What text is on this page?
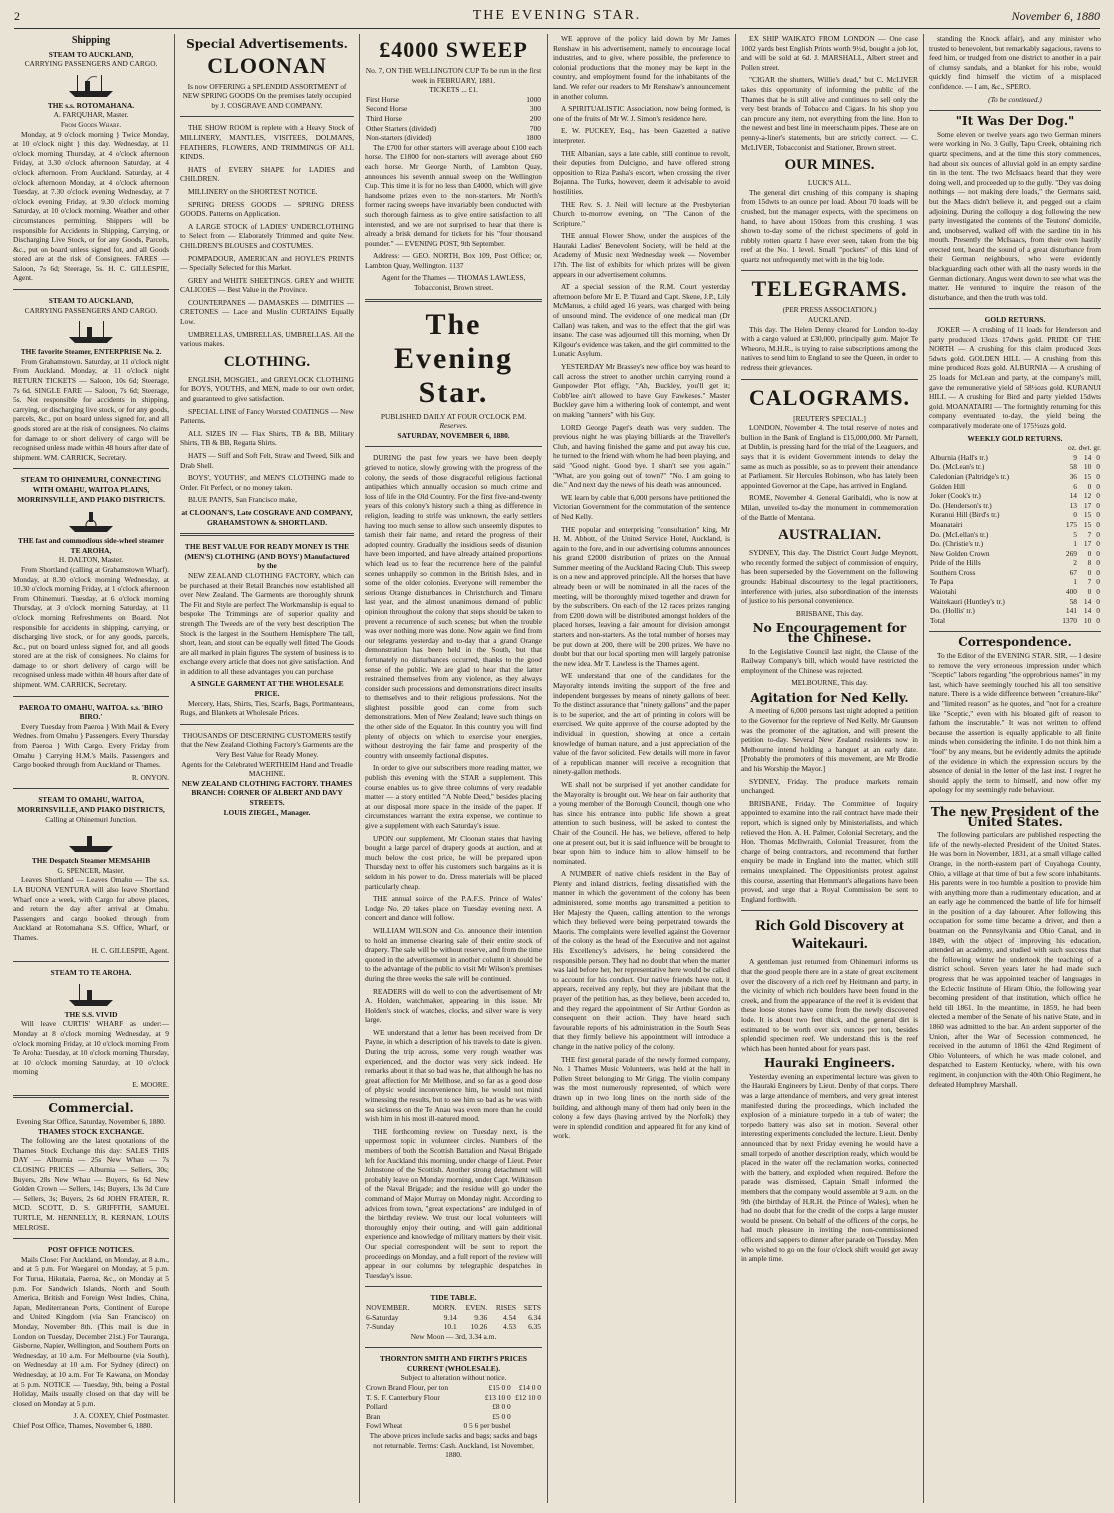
2	THE EVENING STAR.	November 6, 1880
Shipping
STEAM TO AUCKLAND,
CARRYING PASSENGERS AND CARGO.
THE s.s. ROTOMAHANA.
A. FARQUHAR, Master.
From Goods Wharf.

Monday, at 9 o'clock morning } Twice Monday, at 10 o'clock night } this day. Wednesday, at 11 o'clock morning Thursday, at 4 o'clock afternoon Friday, at 3.30 o'clock afternoon Saturday, at 4 o'clock afternoon. From Auckland. Saturday, at 4 o'clock afternoon Monday, at 4 o'clock afternoon Tuesday, at 7.30 o'clock evening Wednesday, at 7 o'clock evening Friday, at 9.30 o'clock morning Saturday, at 10 o'clock morning. Weather and other circumstances permitting. Shippers will be responsible for Accidents in Shipping, Carrying, or Discharging Live Stock, or for any Goods, Parcels, &c., put on board unless signed for, and all Goods stored are at the risk of Consignees. FARES — Saloon, 7s 6d; Steerage, 5s. H. C. GILLESPIE, Agent.

STEAM TO AUCKLAND,
CARRYING PASSENGERS AND CARGO.
THE favorite Steamer, ENTERPRISE No. 2.

From Grahamstown. Saturday, at 11 o'clock night From Auckland. Monday, at 11 o'clock night RETURN TICKETS — Saloon, 10s 6d; Steerage, 7s 6d. SINGLE FARE — Saloon, 7s 6d; Steerage, 5s. Not responsible for accidents in shipping, carrying, or discharging live stock, or for any goods, parcels, &c., put on board unless signed for, and all goods stored are at the risk of consignees. No claims for damage to or short delivery of cargo will be recognised unless made within 48 hours after date of shipment. WM. CARRICK, Secretary.

STEAM TO OHINEMURI, CONNECTING WITH OMAHU, WAITOA PLAINS, MORRINSVILLE, AND PIAKO DISTRICTS.
THE fast and commodious side-wheel steamer TE AROHA,
H. DALTON, Master.

From Shortland (calling at Grahamstown Wharf). Monday, at 8.30 o'clock morning Wednesday, at 10.30 o'clock morning Friday, at 1 o'clock afternoon From Ohinemuri. Tuesday, at 6 o'clock morning Thursday, at 3 o'clock morning Saturday, at 11 o'clock morning Refreshments on Board. Not responsible for accidents in shipping, carrying, or discharging live stock, or for any goods, parcels, &c., put on board unless signed for, and all goods stored are at the risk of consignees. No claims for damage to or short delivery of cargo will be recognised unless made within 48 hours after date of shipment. WM. CARRICK, Secretary.

PAEROA TO OMAHU, WAITOA. s.s. 'BIRO BIRO.'

Every Tuesday from Paeroa } With Mail & Every Wednes. from Omahu } Passengers. Every Thursday from Paeroa } With Cargo. Every Friday from Omahu } Carrying H.M.'s Mails. Passengers and Cargo booked through from Auckland or Thames.

R. ONYON.
STEAM TO OMAHU, WAITOA, MORRINSVILLE, AND PIAKO DISTRICTS,
Calling at Ohinemuri Junction.
THE Despatch Steamer MEMSAHIB
G. SPENCER, Master.

Leaves Shortland — Leaves Omahu — The s.s. LA BUONA VENTURA will also leave Shortland Wharf once a week, with Cargo for above places, and return the day after arrival at Omahu. Passengers and cargo booked through from Auckland at Rotomahana S.S. Office, Wharf, or Thames.

H. C. GILLESPIE, Agent.
STEAM TO TE AROHA.
THE S.S. VIVID

Will leave CURTIS' WHARF as under:— Monday at 8 o'clock morning Wednesday, at 9 o'clock morning Friday, at 10 o'clock morning From Te Aroha: Tuesday, at 10 o'clock morning Thursday, at 10 o'clock morning Saturday, at 10 o'clock morning

E. MOORE.
Commercial.
Evening Star Office, Saturday, November 6, 1880.
THAMES STOCK EXCHANGE.

The following are the latest quotations of the Thames Stock Exchange this day: SALES THIS DAY — Alburnia — 25s New Whau — 7s CLOSING PRICES — Alburnia — Sellers, 30s; Buyers, 28s New Whau — Buyers, 6s 6d New Golden Crown — Sellers, 14s; Buyers, 13s 3d Cure — Sellers, 3s; Buyers, 2s 6d JOHN FRATER, R. MCD. SCOTT, D. S. GRIFFITH, SAMUEL TURTLE, M. HENNELLY, R. KERNAN, LOUIS MELROSE.

POST OFFICE NOTICES.

Mails Close: For Auckland, on Monday, at 8 a.m., and at 5 p.m. For Waegarei on Monday, at 5 p.m. For Turua, Hikutaia, Paeroa, &c., on Monday at 5 p.m. For Sandwich Islands, North and South America, British and Foreign West Indies, China, Japan, Mediterranean Ports, Continent of Europe and United Kingdom (via San Francisco) on Monday, November 8th. (This mail is due in London on Tuesday, December 21st.) For Tauranga, Gisborne, Napier, Wellington, and Southern Ports on Wednesday, at 10 a.m. For Melbourne (via South), on Wednesday at 10 a.m. For Sydney (direct) on Wednesday, at 10 a.m. For Te Kawana, on Monday at 5 p.m. NOTICE — Tuesday, 9th, being a Postal Holiday, Mails usually closed on that day will be closed on Monday at 5 p.m.

J. A. COXEY, Chief Postmaster.
Chief Post Office, Thames, November 6, 1880.
Special Advertisements.
CLOONAN
Is now OFFERING a SPLENDID ASSORTMENT of NEW SPRING GOODS On the premises lately occupied by J. COSGRAVE AND COMPANY.

THE SHOW ROOM is replete with a Heavy Stock of MILLINERY, MANTLES, VISITEES, DOLMANS, FEATHERS, FLOWERS, AND TRIMMINGS OF ALL KINDS.

HATS of EVERY SHAPE for LADIES and CHILDREN.

MILLINERY on the SHORTEST NOTICE.

SPRING DRESS GOODS — SPRING DRESS GOODS. Patterns on Application.

A LARGE STOCK of LADIES' UNDERCLOTHING to Select from — Elaborately Trimmed and quite New. CHILDREN'S BLOUSES and COSTUMES.

POMPADOUR, AMERICAN and HOYLE'S PRINTS — Specially Selected for this Market.

GREY and WHITE SHEETINGS. GREY and WHITE CALICOES — Best Value in the Province.

COUNTERPANES — DAMASKES — DIMITIES — CRETONES — Lace and Muslin CURTAINS Equally Low.

UMBRELLAS, UMBRELLAS, UMBRELLAS. All the various makes.

CLOTHING.

ENGLISH, MOSGIEL, and GREYLOCK CLOTHING for BOYS, YOUTHS, and MEN, made to our own order, and guaranteed to give satisfaction.

SPECIAL LINE of Fancy Worsted COATINGS — New Patterns.

ALL SIZES IN — Flax Shirts, TB & BB, Military Shirts, TB & BB, Regatta Shirts.

HATS — Stiff and Soft Felt, Straw and Tweed, Silk and Drab Shell.

BOYS', YOUTHS', and MEN'S CLOTHING made to Order. Fit Perfect, or no money taken.

BLUE PANTS, San Francisco make,

at CLOONAN'S, Late COSGRAVE AND COMPANY, GRAHAMSTOWN & SHORTLAND.
THE BEST VALUE FOR READY MONEY IS THE (MEN'S) CLOTHING (AND BOYS') Manufactured by the

NEW ZEALAND CLOTHING FACTORY, which can be purchased at their Retail Branches now established all over New Zealand. The Garments are thoroughly shrunk The Fit and Style are perfect The Workmanship is equal to bespoke The Trimmings are of superior quality and strength The Tweeds are of the very best description The Stock is the largest in the Southern Hemisphere The tall, short, lean, and stout can be equally well fitted The Goods are all marked in plain figures The system of business is to exchange every article that does not give satisfaction. And in addition to all these advantages you can purchase

A SINGLE GARMENT AT THE WHOLESALE PRICE.

Mercery, Hats, Shirts, Ties, Scarfs, Bags, Portmanteaus, Rugs, and Blankets at Wholesale Prices.

THOUSANDS OF DISCERNING CUSTOMERS testify that the New Zealand Clothing Factory's Garments are the Very Best Value for Ready Money.
Agents for the Celebrated WERTHEIM Hand and Treadle MACHINE.
NEW ZEALAND CLOTHING FACTORY. THAMES BRANCH: CORNER OF ALBERT AND DAVY STREETS.
LOUIS ZIEGEL, Manager.
£4000 SWEEP
No. 7, ON THE WELLINGTON CUP To be run in the first week in FEBRUARY, 1881.
TICKETS ... £1.
First Horse	1000
Second Horse	300
Third Horse	200
Other Starters (divided)	700
Non-starters (divided)	1800

The £700 for other starters will average about £100 each horse. The £1800 for non-starters will average about £60 each horse. Mr George North, of Lambton Quay, announces his seventh annual sweep on the Wellington Cup. This time it is for no less than £4000, which will give handsome prizes even to the non-starters. Mr North's former racing sweeps have invariably been conducted with such thorough fairness as to give entire satisfaction to all interested, and we are not surprised to hear that there is already a brisk demand for tickets for his "four thousand pounder." — EVENING POST, 9th September.

Address: — GEO. NORTH, Box 109, Post Office; or, Lambton Quay, Wellington. 1137

Agent for the Thames — THOMAS LAWLESS, Tobacconist, Brown street.
The Evening Star.
PUBLISHED DAILY AT FOUR O'CLOCK P.M.
Reserves.
SATURDAY, NOVEMBER 6, 1880.

DURING the past few years we have been deeply grieved to notice, slowly growing with the progress of the colony, the seeds of those disgraceful religious factional antipathies which annually occasion so much crime and loss of life in the Old Country. For the first five-and-twenty years of this colony's history such a thing as difference in religion, leading to strife was unknown, the early settlers having too much sense to allow such unseemly disputes to tarnish their fair name, and retard the progress of their adopted country. Gradually the insidious seeds of disunion have been imported, and have already attained proportions which lead us to fear the recurrence here of the painful scenes unhappily so common in the British Isles, and in some of the older colonies. Everyone will remember the serious Orange disturbances in Christchurch and Timaru last year, and the almost unanimous demand of public opinion throughout the colony that steps should be taken to prevent a recurrence of such scenes; but when the trouble was over nothing more was done. Now again we find from our telegrams yesterday and to-day that a grand Orange demonstration has been held in the South, but that fortunately no disturbances occurred, thanks to the good sense of the public. We are glad to hear that the latter restrained themselves from any violence, as they always consider such processions and demonstrations direct insults to themselves and to their religious professions. Not the slightest possible good can come from such demonstrations. Men of New Zealand; leave such things on the other side of the Equator. In this country you will find plenty of objects on which to exercise your energies, without destroying the fair fame and prosperity of the country with unseemly factional disputes.

In order to give our subscribers more reading matter, we publish this evening with the STAR a supplement. This course enables us to give three columns of very readable matter — a story entitled "A Noble Deed," besides placing at our disposal more space in the inside of the paper. If circumstances warrant the extra expense, we continue to give a supplement with each Saturday's issue.

UPON our supplement, Mr Cloonan states that having bought a large parcel of drapery goods at auction, and at much below the cost price, he will be prepared upon Thursday next to offer his customers such bargains as it is seldom in his power to do. Dress materials will be placed particularly cheap.

THE annual soirce of the P.A.F.S. Prince of Wales' Lodge No. 20 takes place on Tuesday evening next. A concert and dance will follow.

WILLIAM WILSON and Co. announce their intention to hold an immense clearing sale of their entire stock of drapery. The sale will be without reserve, and from the time quoted in the advertisement in another column it should be to the advantage of the public to visit Mr Wilson's premises during the three weeks the sale will be continued.

READERS will do well to con the advertisement of Mr A. Holden, watchmaker, appearing in this issue. Mr Holden's stock of watches, clocks, and silver ware is very large.

WE understand that a letter has been received from Dr Payne, in which a description of his travels to date is given. During the trip across, some very rough weather was experienced, and the doctor was very sick indeed. He remarks about it that so bad was he, that although he has no great affection for Mr Mellhose, and so far as a good dose of physic would inconvenience him, he would not mind witnessing the results, but to see him so bad as he was with sea sickness on the Te Anau was even more than he could wish him in his most ill-natured mood.

THE forthcoming review on Tuesday next, is the uppermost topic in volunteer circles. Numbers of the members of both the Scottish Battalion and Naval Brigade left for Auckland this morning, under charge of Lieut. Peter Johnstone of the Scottish. Another strong detachment will probably leave on Monday morning, under Capt. Wilkinson of the Naval Brigade; and the residue will go under the command of Major Murray on Monday night. According to advices from town, "great expectations" are indulged in of the birthday review. We trust our local volunteers will thoroughly enjoy their outing, and will gain additional experience and knowledge of military matters by their visit. Our special correspondent will be sent to report the proceedings on Monday, and a full report of the review will appear in our columns by telegraphic despatches in Tuesday's issue.

TIDE TABLE.
NOVEMBER.	MORN.	EVEN.	RISES	SETS
6-Saturday	9.14	9.36	4.54	6.34
7-Sunday	10.1	10.26	4.53	6.35
New Moon — 3rd, 3.34 a.m.
THORNTON SMITH AND FIRTH'S PRICES CURRENT (WHOLESALE).
Subject to alteration without notice.
Crown Brand Flour, per ton		£15 0 0	£14 0 0
T. S. F. Canterbury Flour		£13 10 0	£12 10 0
Pollard		£8 0 0	
Bran		£5 0 0	
Fowl Wheat		0 5 6 per bushel	
The above prices include sacks and bags; sacks and bags not returnable. Terms: Cash. Auckland, 1st November, 1880.

WE approve of the policy laid down by Mr James Renshaw in his advertisement, namely to encourage local industries, and to give, where possible, the preference to colonial productions that the money may be kept in the country, and employment found for the inhabitants of the land. We refer our readers to Mr Renshaw's announcement in another column.

A SPIRITUALISTIC Association, now being formed, is one of the fruits of Mr W. J. Simon's residence here.

E. W. PUCKEY, Esq., has been Gazetted a native interpreter.

THE Albanian, says a late cable, still continue to revolt, their deputies from Dulcigno, and have offered strong opposition to Riza Pasha's escort, when crossing the river Bojanna. The Turks, however, deem it advisable to avoid hostilities.

THE Rev. S. J. Neil will lecture at the Presbyterian Church to-morrow evening, on "The Canon of the Scripture."

THE annual Flower Show, under the auspices of the Hauraki Ladies' Benevolent Society, will be held at the Academy of Music next Wednesday week — November 17th. The list of exhibits for which prizes will be given appears in our advertisement columns.

AT a special session of the R.M. Court yesterday afternoon before Mr E. P. Tizard and Capt. Skene, J.P., Lily McManus, a child aged 16 years, was charged with being of unsound mind. The evidence of one medical man (Dr Callan) was taken, and was to the effect that the girl was insane. The case was adjourned till this morning, when Dr Kilgour's evidence was taken, and the girl committed to the Lunatic Asylum.

YESTERDAY Mr Brassey's new office boy was heard to call across the street to another urchin carrying round a Gunpowder Plot effigy, "Ah, Buckley, you'll get it; Cobb'lee ain't allowed to have Guy Fawkeses." Master Buckley gave him a withering look of contempt, and went on making "tanners" with his Guy.

LORD George Paget's death was very sudden. The previous night he was playing billiards at the Traveller's Club, and having finished the game and put away his cue, he turned to the friend with whom he had been playing, and said "Good night. Good bye. I shan't see you again." "What, are you going out of town?" "No. I am going to die." And next day the news of his death was announced.

WE learn by cable that 6,000 persons have petitioned the Victorian Government for the commutation of the sentence of Ned Kelly.

THE popular and enterprising "consultation" king, Mr H. M. Abbott, of the United Service Hotel, Auckland, is again to the fore, and in our advertising columns announces his grand £2000 distribution of prizes on the Annual Summer meeting of the Auckland Racing Club. This sweep is on a new and approved principle. All the horses that have already been or will be nominated in all the races of the meeting, will be thoroughly mixed together and drawn for by the subscribers. On each of the 12 races prizes ranging from £200 down will be distributed amongst holders of the placed horses, leaving a fair amount for division amongst starters and non-starters. As the total number of horses may be put down at 200, there will be 200 prizes. We have no doubt but that our local sporting men will largely patronise the new idea. Mr T. Lawless is the Thames agent.

WE understand that one of the candidates for the Mayoralty intends inviting the support of the free and independent burgesses by means of ninety gallons of beer. To the distinct assurance that "ninety gallons" and the paper is to be superior, and the art of printing in colors will be exercised. We quite approve of the course adopted by the individual in question, showing at once a certain knowledge of human nature, and a just appreciation of the value of the favor solicited. Few details will more in favor of a republican manner will receive a recognition that ninety-gallon methods.

WE shall not be surprised if yet another candidate for the Mayoralty is brought out. We hear on fair authority that a young member of the Borough Council, though one who has since his entrance into public life shown a great attention to such business, will be asked to contest the Chair of the Council. He has, we believe, offered to help one at present out, but it is said influence will be brought to bear upon him to induce him to allow himself to be nominated.

A NUMBER of native chiefs resident in the Bay of Plenty and inland districts, feeling dissatisfied with the manner in which the government of the colony has been administered, some months ago transmitted a petition to Her Majesty the Queen, calling attention to the wrongs which they believed were being perpetrated towards the Maoris. The complaints were levelled against the Governor of the colony as the head of the Executive and not against His Excellency's advisers, he being considered the responsible person. They had no doubt that when the matter was laid before her, her representative here would be called to account for his conduct. Our native friends have not, it appears, received any reply, but they are jubilant that the prayer of the petition has, as they believe, been acceded to, and they regard the appointment of Sir Arthur Gordon as consequent on their action. They have heard such favourable reports of his administration in the South Seas that they firmly believe his appointment will introduce a change in the native policy of the colony.

THE first general parade of the newly formed company, No. 1 Thames Music Volunteers, was held at the hall in Pollen Street belonging to Mr Grigg. The violin company was the most numerously represented, of which were drawn up in two long lines on the north side of the building, and although many of them had only been in the colony a few days (having arrived by the Norfolk) they were in splendid condition and appeared fit for any kind of work.

EX SHIP WAIKATO FROM LONDON — One case 1002 yards best English Prints worth 9½d, bought a job lot, and will be sold at 6d. J. MARSHALL, Albert street and Pollen street.

"CIGAR the shutters, Willie's dead," but C. McLIVER takes this opportunity of informing the public of the Thames that he is still alive and continues to sell only the very best brands of Tobacco and Cigars. In his shop you can procure any item, not everything from the line. Hon to the newest and best line in meerschaum pipes. These are on penny-a-liner's statements, but are strictly correct. — C. McLIVER, Tobacconist and Stationer, Brown street.

OUR MINES.
LUCK'S ALL.

The general dirt crushing of this company is shaping from 15dwts to an ounce per load. About 70 loads will be crushed, but the manager expects, with the specimens on hand, to have about 150ozs from this crushing. I was shown to-day some of the richest specimens of gold in rubbly rotten quartz I have ever seen, taken from the big reef at the No. 1 level. Small "pockets" of this kind of quartz not unfrequently met with in the big lode.

TELEGRAMS.
(PER PRESS ASSOCIATION.)
AUCKLAND.

This day. The Helen Denny cleared for London to-day with a cargo valued at £30,000, principally gum. Major Te Wheoro, M.H.R., is trying to raise subscriptions among the natives to send him to England to see the Queen, in order to redress their grievances.

CALOGRAMS.
[REUTER'S SPECIAL.]

LONDON, November 4. The total reserve of notes and bullion in the Bank of England is £15,000,000. Mr Parnell, at Dublin, is pressing hard for the trial of the Leaguers, and says that it is evident Government intends to delay the same as much as possible, so as to prevent their attendance at Parliament. Sir Hercules Robinson, who has lately been appointed Governor at the Cape, has arrived in England.

ROME, November 4. General Garibaldi, who is now at Milan, unveiled to-day the monument in commemoration of the Battle of Mentana.

AUSTRALIAN.

SYDNEY, This day. The District Court Judge Meynott, who recently formed the subject of commission of enquiry, has been superseded by the Government on the following grounds: Habitual discourtesy to the legal practitioners, interference with juries, also subordination of the interests of justice to his personal convenience.

BRISBANE, This day.
No Encouragement for the Chinese.

In the Legislative Council last night, the Clause of the Railway Company's bill, which would have restricted the employment of the Chinese was rejected.

MELBOURNE, This day.
Agitation for Ned Kelly.

A meeting of 6,000 persons last night adopted a petition to the Governor for the reprieve of Ned Kelly. Mr Gaunson was the promoter of the agitation, and will present the petition to-day. Several New Zealand residents now in Melbourne intend holding a banquet at an early date. [Probably the promoters of this movement, are Mr Brodie and his Worship the Mayor.]

SYDNEY, Friday. The produce markets remain unchanged.

BRISBANE, Friday. The Committee of Inquiry appointed to examine into the rail contract have made their report, which is signed only by Ministerialists, and which relieved the Hon. A. H. Palmer, Colonial Secretary, and the Hon. Thomas McIlwraith, Colonial Treasurer, from the charge of being contractors, and recommend that further enquiry be made in England into the matter, which still remains unexplained. The Oppositionists protest against this course, asserting that Hemmant's allegations have been proved, and urge that a Royal Commission be sent to England forthwith.

Rich Gold Discovery at Waitekauri.

A gentleman just returned from Ohinemuri informs us that the good people there are in a state of great excitement over the discovery of a rich reef by Heitmann and party, in the vicinity of which rich boulders have been found in the creek, and from the appearance of the reef it is evident that these loose stones have come from the newly discovered lode. It is about two feet thick, and the general dirt is estimated to be worth over six ounces per ton, besides splendid specimen reef. We understand this is the reef which has been hunted about for years past.

Hauraki Engineers.

Yesterday evening an experimental lecture was given to the Hauraki Engineers by Lieut. Denby of that corps. There was a large attendance of members, and very great interest manifested during the proceedings, which included the explosion of a miniature torpedo in a tub of water; the torpedo battery was also set in motion. Several other interesting experiments concluded the lecture. Lieut. Denby announced that by next Friday evening he would have a small torpedo of another description ready, which would be placed in the water off the reclamation works, connected with the battery, and exploded when required. Before the parade was dismissed, Captain Small informed the members that the company would assemble at 9 a.m. on the 9th (the birthday of H.R.H. the Prince of Wales), when he had no doubt that for the credit of the corps a large muster would be present. On behalf of the officers of the corps, he had much pleasure in inviting the non-commissioned officers and sappers to dinner after parade on Tuesday. Men who wished to go on the four o'clock shift would get away in ample time.

standing the Knock affair), and any minister who trusted to benevolent, but remarkably sagacious, ravens to feed him, or trudged from one district to another in a pair of clumsy sandals, and a blanket for his robe, would quickly find himself the victim of a misplaced confidence. — I am, &c., SPERO.

(To be continued.)
"It Was Der Dog."

Some eleven or twelve years ago two German miners were working in No. 3 Gully, Tapu Creek, obtaining rich quartz specimens, and at the time this story commences, had about six ounces of alluvial gold in an empty sardine tin in the tent. The two McIsaacs heard that they were doing well, and proceeded up to the gully. "Dey vas doing nothings — not making dere loads," the Germans said, but the Macs didn't believe it, and pegged out a claim adjoining. During the colloquy a dog following the new party investigated the contents of the Teutons' domicile, and, unobserved, walked off with the sardine tin in his mouth. Presently the McIsaacs, from their own hastily erected tent, heard the sound of a great disturbance from their German neighbours, who were evidently blackguarding each other with all the nasty words in the German dictionary. Angus went down to see what was the matter. He ventured to inquire the reason of the disturbance, and then the truth was told.

GOLD RETURNS.

JOKER — A crushing of 11 loads for Henderson and party produced 13ozs 17dwts gold. PRIDE OF THE NORTH — A crushing for this claim produced 3ozs 5dwts gold. GOLDEN HILL — A crushing from this mine produced 8ozs gold. ALBURNIA — A crushing of 25 loads for McLean and party, at the company's mill, gave the remunerative yield of 58½ozs gold. KURANUI HILL — A crushing for Bird and party yielded 15dwts gold. MOANATAIRI — The fortnightly returning for this company eventuated to-day, the yield being the comparatively moderate one of 175½ozs gold.

WEEKLY GOLD RETURNS.
oz. dwt. gr.
Alburnia (Hall's tr.)	9	14	0
Do. (McLean's tr.)	58	10	0
Caledonian (Paltridge's tr.)	36	15	0
Golden Hill	6	0	0
Joker (Cook's tr.)	14	12	0
Do. (Henderson's tr.)	13	17	0
Kuranui Hill (Bird's tr.)	0	15	0
Moanatairi	175	15	0
Do. (McLellan's tr.)	5	7	0
Do. (Christie's tr.)	1	17	0
New Golden Crown	269	0	0
Pride of the Hills	2	8	0
Southern Cross	67	0	0
Te Papa	1	7	0
Waiotahi	400	0	0
Waitekauri (Huntley's tr.)	58	14	0
Do. (Hollis' tr.)	141	14	0
Total	1370	10	0
Correspondence.

To the Editor of the EVENING STAR. SIR, — I desire to remove the very erroneous impression under which "Sceptic" labors regarding "the opprobrious names" in my last, which have seemingly touched his all too sensitive nature. There is a wide difference between "creature-like" and "limited reason" as he quotes, and "not for a creature like "Sceptic," even with his bloated gift of reason to fathom the inscrutable." It was not written to offend because the assertion is equally applicable to all finite minds when considering the infinite. I do not think him a "fool" by any means, but he evidently admits the aptitude of the evidence in which the expression occurs by the absence of denial in the letter of the last inst. I regret he should apply the term to himself, and now offer my apology for my seemingly rude behaviour.

The new President of the United States.

The following particulars are published respecting the life of the newly-elected President of the United States. He was born in November, 1831, at a small village called Orange, in the north-eastern part of Cuyahoga County, Ohio, a village at that time of but a few score inhabitants. His parents were in too humble a position to provide him with anything more than a rudimentary education, and at an early age he commenced the battle of life for himself in the position of a day labourer. After following this occupation for some time became a driver, and then a boatman on the Pennsylvania and Ohio Canal, and in 1849, with the object of improving his education, attended an academy, and studied with such success that the following winter he undertook the teaching of a district school. Seven years later he had made such progress that he was appointed teacher of languages in the Eclectic Institute of Hiram Ohio, the following year becoming president of that institution, which office he held till 1861. In the meantime, in 1859, he had been elected a member of the Senate of his native State, and in 1860 was admitted to the bar. An ardent supporter of the Union, after the War of Secession commenced, he received in the autumn of 1861 the 42nd Regiment of Ohio Volunteers, of which he was made colonel, and despatched to Eastern Kentucky, where, with his own regiment, in conjunction with the 40th Ohio Regiment, he defeated Humphrey Marshall.
